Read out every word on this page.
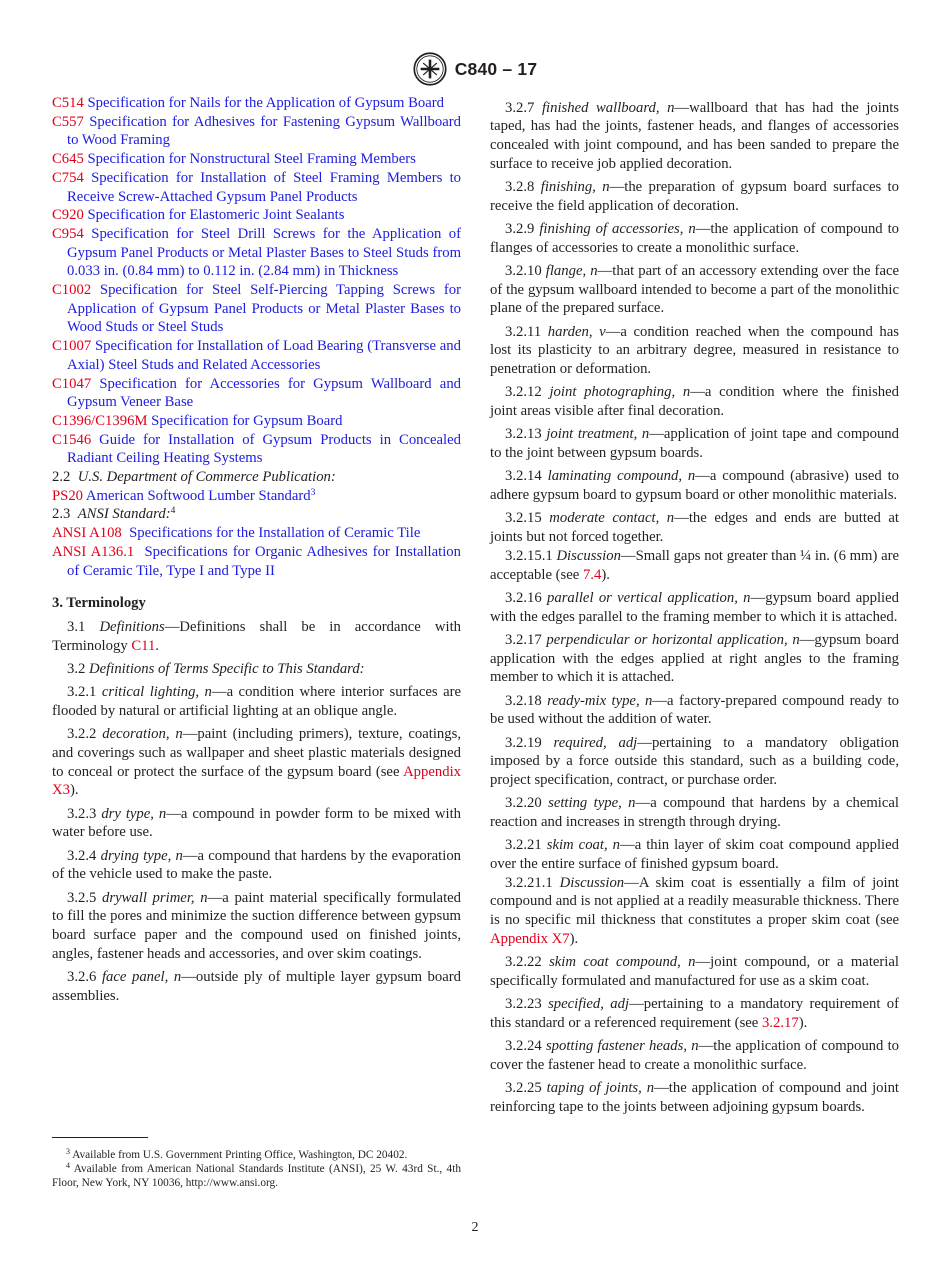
C840 – 17

C514 Specification for Nails for the Application of Gypsum Board

C557 Specification for Adhesives for Fastening Gypsum Wallboard to Wood Framing

C645 Specification for Nonstructural Steel Framing Members

C754 Specification for Installation of Steel Framing Members to Receive Screw-Attached Gypsum Panel Products

C920 Specification for Elastomeric Joint Sealants

C954 Specification for Steel Drill Screws for the Application of Gypsum Panel Products or Metal Plaster Bases to Steel Studs from 0.033 in. (0.84 mm) to 0.112 in. (2.84 mm) in Thickness

C1002 Specification for Steel Self-Piercing Tapping Screws for Application of Gypsum Panel Products or Metal Plaster Bases to Wood Studs or Steel Studs

C1007 Specification for Installation of Load Bearing (Transverse and Axial) Steel Studs and Related Accessories

C1047 Specification for Accessories for Gypsum Wallboard and Gypsum Veneer Base

C1396/C1396M Specification for Gypsum Board

C1546 Guide for Installation of Gypsum Products in Concealed Radiant Ceiling Heating Systems

2.2 U.S. Department of Commerce Publication:

PS20 American Softwood Lumber Standard$^3$

2.3 ANSI Standard:$^4$

ANSI A108 Specifications for the Installation of Ceramic Tile

ANSI A136.1 Specifications for Organic Adhesives for Installation of Ceramic Tile, Type I and Type II

3. Terminology

3.1 Definitions—Definitions shall be in accordance with Terminology C11.

3.2 Definitions of Terms Specific to This Standard:

3.2.1 critical lighting, n—a condition where interior surfaces are flooded by natural or artificial lighting at an oblique angle.

3.2.2 decoration, n—paint (including primers), texture, coatings, and coverings such as wallpaper and sheet plastic materials designed to conceal or protect the surface of the gypsum board (see Appendix X3).

3.2.3 dry type, n—a compound in powder form to be mixed with water before use.

3.2.4 drying type, n—a compound that hardens by the evaporation of the vehicle used to make the paste.

3.2.5 drywall primer, n—a paint material specifically formulated to fill the pores and minimize the suction difference between gypsum board surface paper and the compound used on finished joints, angles, fastener heads and accessories, and over skim coatings.

3.2.6 face panel, n—outside ply of multiple layer gypsum board assemblies.

3.2.7 finished wallboard, n—wallboard that has had the joints taped, has had the joints, fastener heads, and flanges of accessories concealed with joint compound, and has been sanded to prepare the surface to receive job applied decoration.

3.2.8 finishing, n—the preparation of gypsum board surfaces to receive the field application of decoration.

3.2.9 finishing of accessories, n—the application of compound to flanges of accessories to create a monolithic surface.

3.2.10 flange, n—that part of an accessory extending over the face of the gypsum wallboard intended to become a part of the monolithic plane of the prepared surface.

3.2.11 harden, v—a condition reached when the compound has lost its plasticity to an arbitrary degree, measured in resistance to penetration or deformation.

3.2.12 joint photographing, n—a condition where the finished joint areas visible after final decoration.

3.2.13 joint treatment, n—application of joint tape and compound to the joint between gypsum boards.

3.2.14 laminating compound, n—a compound (abrasive) used to adhere gypsum board to gypsum board or other monolithic materials.

3.2.15 moderate contact, n—the edges and ends are butted at joints but not forced together.

3.2.15.1 Discussion—Small gaps not greater than ¼ in. (6 mm) are acceptable (see 7.4).

3.2.16 parallel or vertical application, n—gypsum board applied with the edges parallel to the framing member to which it is attached.

3.2.17 perpendicular or horizontal application, n—gypsum board application with the edges applied at right angles to the framing member to which it is attached.

3.2.18 ready-mix type, n—a factory-prepared compound ready to be used without the addition of water.

3.2.19 required, adj—pertaining to a mandatory obligation imposed by a force outside this standard, such as a building code, project specification, contract, or purchase order.

3.2.20 setting type, n—a compound that hardens by a chemical reaction and increases in strength through drying.

3.2.21 skim coat, n—a thin layer of skim coat compound applied over the entire surface of finished gypsum board.

3.2.21.1 Discussion—A skim coat is essentially a film of joint compound and is not applied at a readily measurable thickness. There is no specific mil thickness that constitutes a proper skim coat (see Appendix X7).

3.2.22 skim coat compound, n—joint compound, or a material specifically formulated and manufactured for use as a skim coat.

3.2.23 specified, adj—pertaining to a mandatory requirement of this standard or a referenced requirement (see 3.2.17).

3.2.24 spotting fastener heads, n—the application of compound to cover the fastener head to create a monolithic surface.

3.2.25 taping of joints, n—the application of compound and joint reinforcing tape to the joints between adjoining gypsum boards.

$^3$ Available from U.S. Government Printing Office, Washington, DC 20402.

$^4$ Available from American National Standards Institute (ANSI), 25 W. 43rd St., 4th Floor, New York, NY 10036, http://www.ansi.org.

2
